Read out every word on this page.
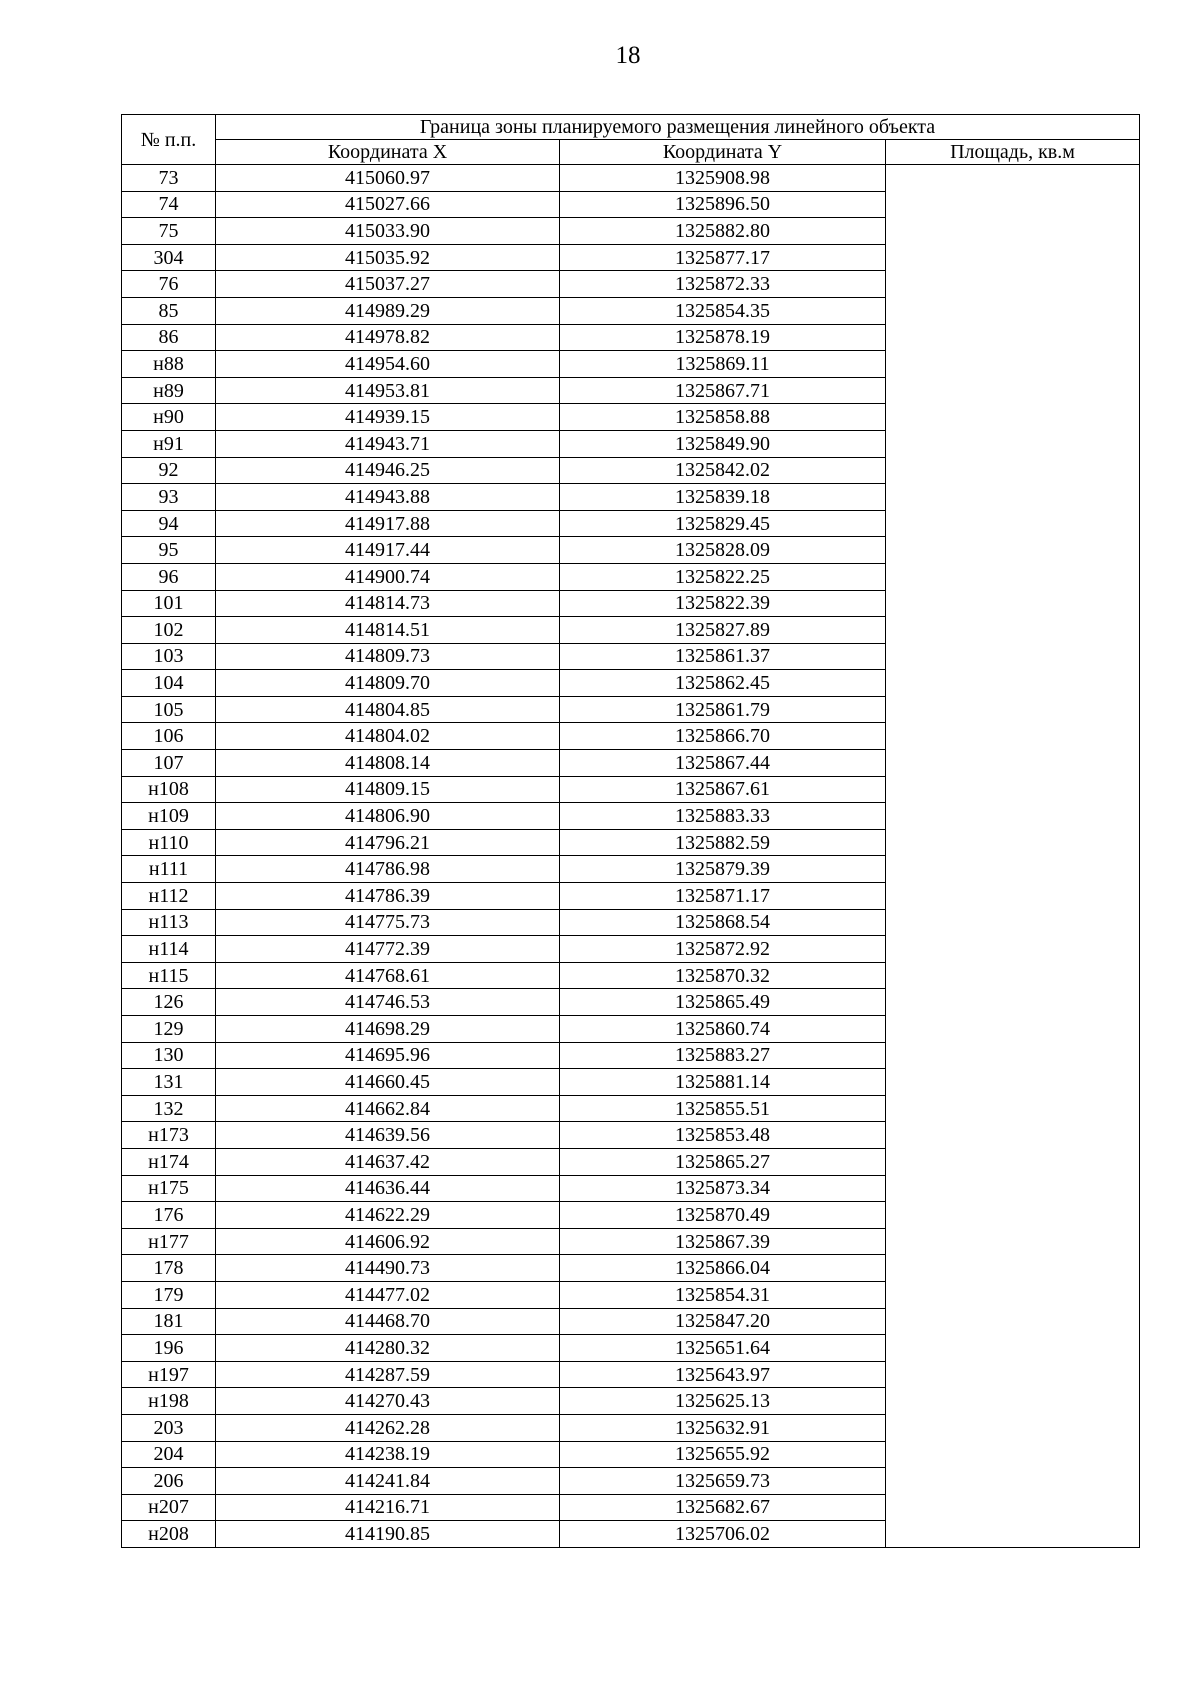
18
№ п.п.	Граница зоны планируемого размещения линейного объекта		
	Координата X	Координата Y	Площадь, кв.м
73	415060.97	1325908.98	
74	415027.66	1325896.50	
75	415033.90	1325882.80	
304	415035.92	1325877.17	
76	415037.27	1325872.33	
85	414989.29	1325854.35	
86	414978.82	1325878.19	
н88	414954.60	1325869.11	
н89	414953.81	1325867.71	
н90	414939.15	1325858.88	
н91	414943.71	1325849.90	
92	414946.25	1325842.02	
93	414943.88	1325839.18	
94	414917.88	1325829.45	
95	414917.44	1325828.09	
96	414900.74	1325822.25	
101	414814.73	1325822.39	
102	414814.51	1325827.89	
103	414809.73	1325861.37	
104	414809.70	1325862.45	
105	414804.85	1325861.79	
106	414804.02	1325866.70	
107	414808.14	1325867.44	
н108	414809.15	1325867.61	
н109	414806.90	1325883.33	
н110	414796.21	1325882.59	
н111	414786.98	1325879.39	
н112	414786.39	1325871.17	
н113	414775.73	1325868.54	
н114	414772.39	1325872.92	
н115	414768.61	1325870.32	
126	414746.53	1325865.49	
129	414698.29	1325860.74	
130	414695.96	1325883.27	
131	414660.45	1325881.14	
132	414662.84	1325855.51	
н173	414639.56	1325853.48	
н174	414637.42	1325865.27	
н175	414636.44	1325873.34	
176	414622.29	1325870.49	
н177	414606.92	1325867.39	
178	414490.73	1325866.04	
179	414477.02	1325854.31	
181	414468.70	1325847.20	
196	414280.32	1325651.64	
н197	414287.59	1325643.97	
н198	414270.43	1325625.13	
203	414262.28	1325632.91	
204	414238.19	1325655.92	
206	414241.84	1325659.73	
н207	414216.71	1325682.67	
н208	414190.85	1325706.02	
